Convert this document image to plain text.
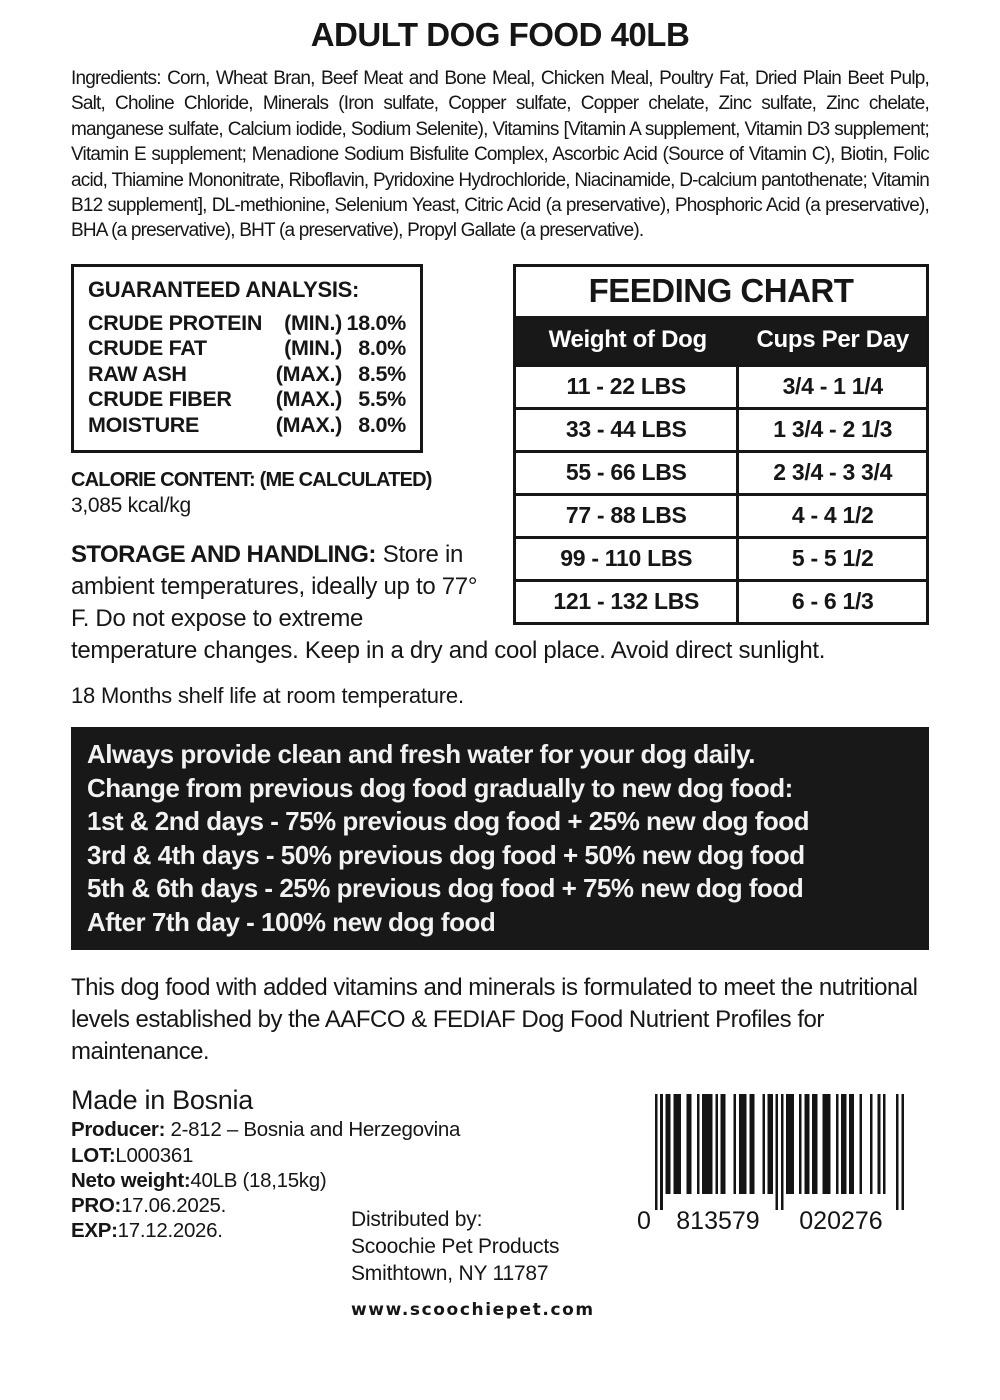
ADULT DOG FOOD 40LB

Ingredients: Corn, Wheat Bran, Beef Meat and Bone Meal, Chicken Meal, Poultry Fat, Dried Plain Beet Pulp, Salt, Choline Chloride, Minerals (Iron sulfate, Copper sulfate, Copper chelate, Zinc sulfate, Zinc chelate, manganese sulfate, Calcium iodide, Sodium Selenite), Vitamins [Vitamin A supplement, Vitamin D3 supplement; Vitamin E supplement; Menadione Sodium Bisfulite Complex, Ascorbic Acid (Source of Vitamin C), Biotin, Folic acid, Thiamine Mononitrate, Riboflavin, Pyridoxine Hydrochloride, Niacinamide, D-calcium pantothenate; Vitamin B12 supplement], DL-methionine, Selenium Yeast, Citric Acid (a preservative), Phosphoric Acid (a preservative), BHA (a preservative), BHT (a preservative), Propyl Gallate (a preservative).

FEEDING CHART
Weight of Dog	Cups Per Day
11 - 22 LBS	3/4 - 1 1/4
33 - 44 LBS	1 3/4 - 2 1/3
55 - 66 LBS	2 3/4 - 3 3/4
77 - 88 LBS	4 - 4 1/2
99 - 110 LBS	5 - 5 1/2
121 - 132 LBS	6 - 6 1/3
GUARANTEED ANALYSIS:
CRUDE PROTEIN	(MIN.) 18.0%
CRUDE FAT	(MIN.) 8.0%
RAW ASH	(MAX.) 8.5%
CRUDE FIBER	(MAX.) 5.5%
MOISTURE	(MAX.) 8.0%
CALORIE CONTENT: (ME CALCULATED)
3,085 kcal/kg

STORAGE AND HANDLING: Store in ambient temperatures, ideally up to 77° F. Do not expose to extreme temperature changes. Keep in a dry and cool place. Avoid direct sunlight.

18 Months shelf life at room temperature.

Always provide clean and fresh water for your dog daily.
Change from previous dog food gradually to new dog food:
1st & 2nd days - 75% previous dog food + 25% new dog food
3rd & 4th days - 50% previous dog food + 50% new dog food
5th & 6th days - 25% previous dog food + 75% new dog food
After 7th day - 100% new dog food

This dog food with added vitamins and minerals is formulated to meet the nutritional levels established by the AAFCO & FEDIAF Dog Food Nutrient Profiles for maintenance.

Made in Bosnia
Producer: 2-812 – Bosnia and Herzegovina
LOT:L000361
Neto weight:40LB (18,15kg)
PRO:17.06.2025.
EXP:17.12.2026.	Distributed by:
Scoochie Pet Products
Smithtown, NY 11787
www.scoochiepet.com
0 813579 020276
